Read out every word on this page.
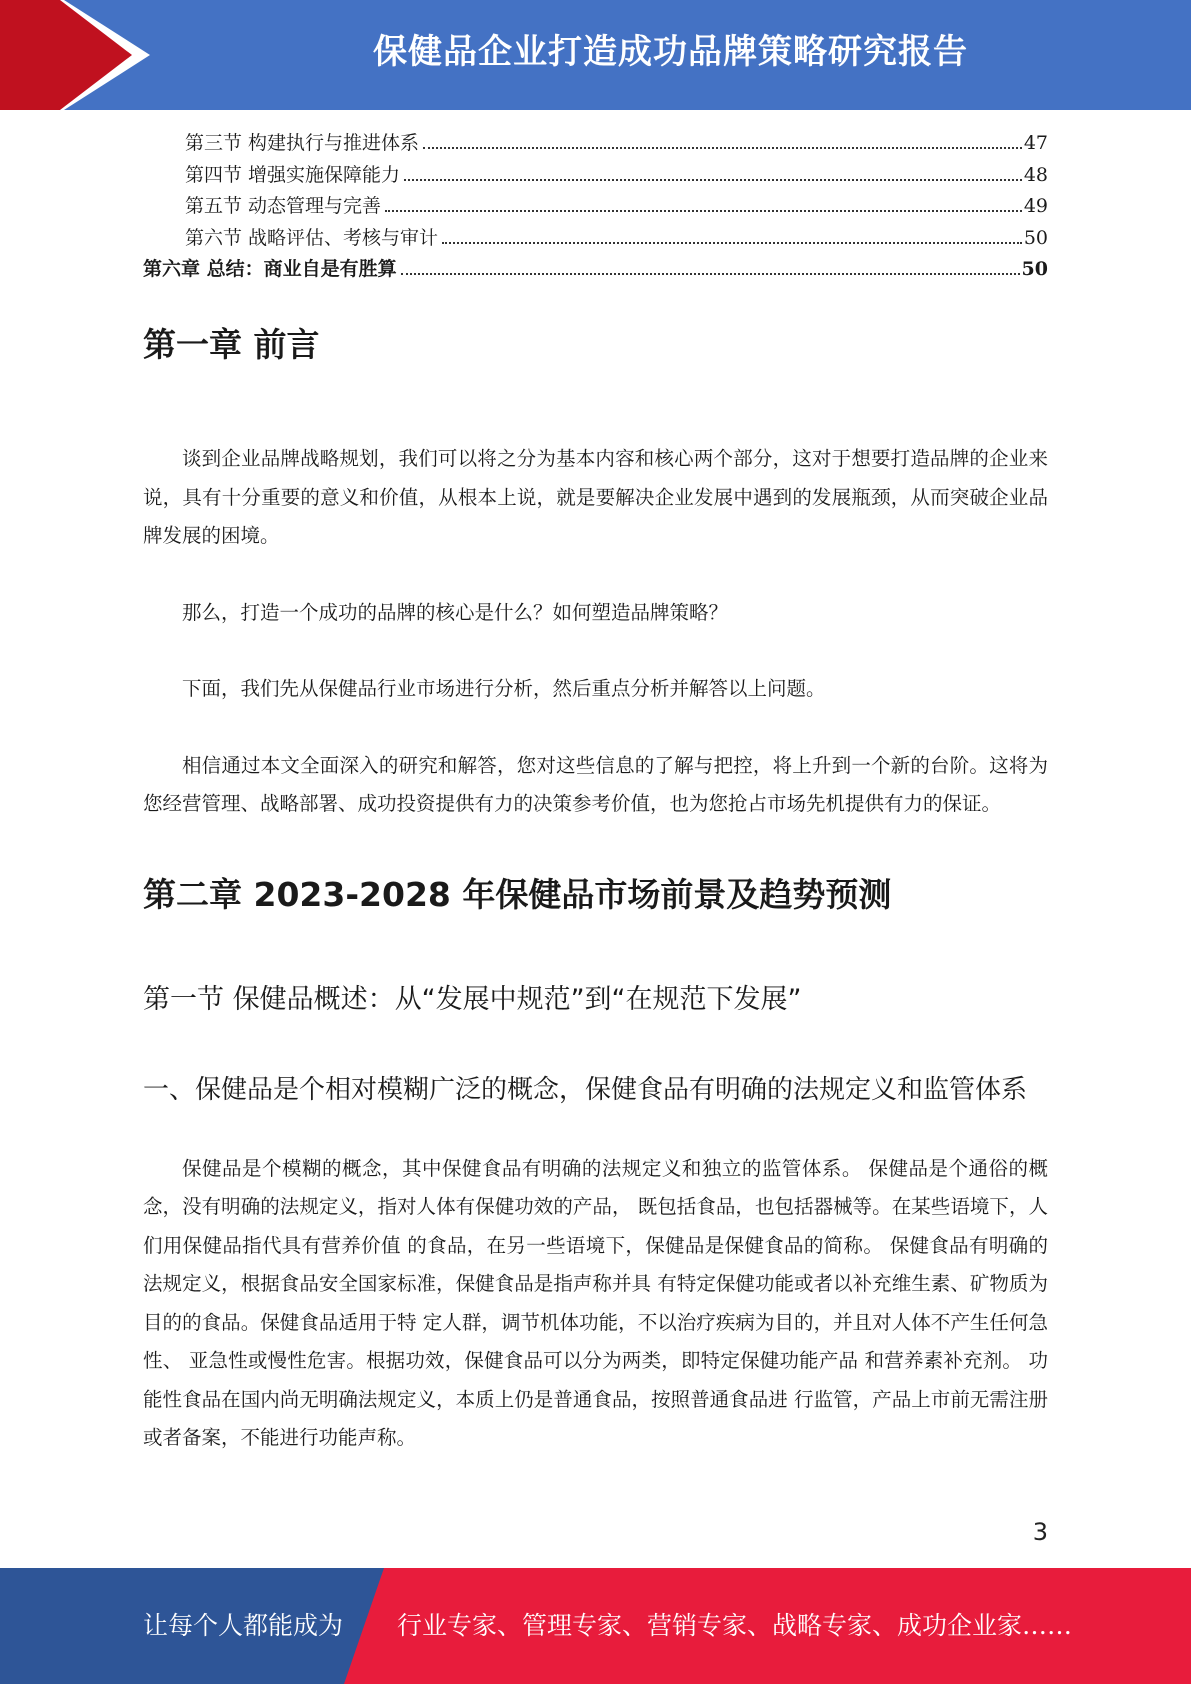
保健品企业打造成功品牌策略研究报告
第三节 构建执行与推进体系	47
第四节 增强实施保障能力	48
第五节 动态管理与完善	49
第六节 战略评估、考核与审计	50
第六章 总结：商业自是有胜算	50
第一章 前言

谈到企业品牌战略规划，我们可以将之分为基本内容和核心两个部分，这对于想要打造品牌的企业来说，具有十分重要的意义和价值，从根本上说，就是要解决企业发展中遇到的发展瓶颈，从而突破企业品牌发展的困境。

那么，打造一个成功的品牌的核心是什么？如何塑造品牌策略？

下面，我们先从保健品行业市场进行分析，然后重点分析并解答以上问题。

相信通过本文全面深入的研究和解答，您对这些信息的了解与把控，将上升到一个新的台阶。这将为您经营管理、战略部署、成功投资提供有力的决策参考价值，也为您抢占市场先机提供有力的保证。

第二章 2023-2028 年保健品市场前景及趋势预测
第一节 保健品概述：从“发展中规范”到“在规范下发展”
一、保健品是个相对模糊广泛的概念，保健食品有明确的法规定义和监管体系

保健品是个模糊的概念，其中保健食品有明确的法规定义和独立的监管体系。 保健品是个通俗的概念，没有明确的法规定义，指对人体有保健功效的产品， 既包括食品，也包括器械等。在某些语境下，人们用保健品指代具有营养价值 的食品，在另一些语境下，保健品是保健食品的简称。 保健食品有明确的法规定义，根据食品安全国家标准，保健食品是指声称并具 有特定保健功能或者以补充维生素、矿物质为目的的食品。保健食品适用于特 定人群，调节机体功能，不以治疗疾病为目的，并且对人体不产生任何急性、 亚急性或慢性危害。根据功效，保健食品可以分为两类，即特定保健功能产品 和营养素补充剂。 功能性食品在国内尚无明确法规定义，本质上仍是普通食品，按照普通食品进 行监管，产品上市前无需注册或者备案，不能进行功能声称。

3
让每个人都能成为 行业专家、管理专家、营销专家、战略专家、成功企业家……
